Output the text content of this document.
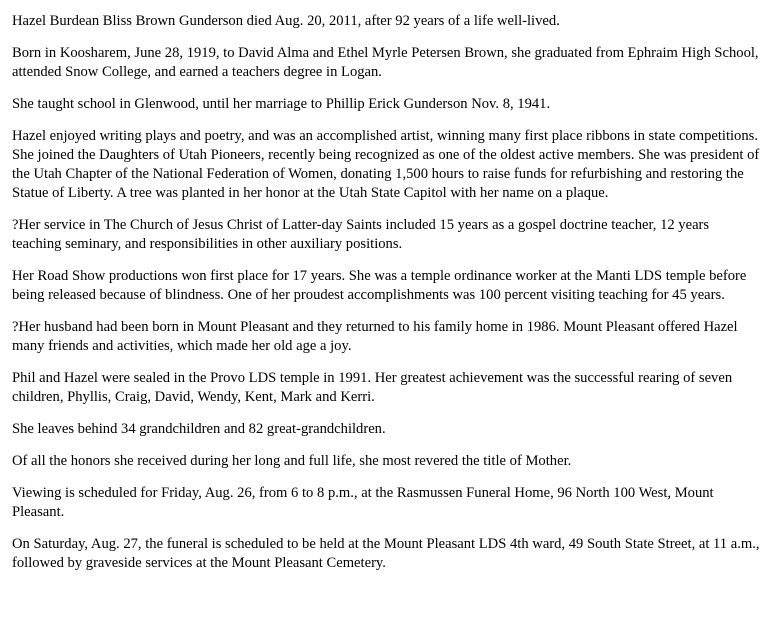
Hazel Burdean Bliss Brown Gunderson died Aug. 20, 2011, after 92 years of a life well-lived.

Born in Koosharem, June 28, 1919, to David Alma and Ethel Myrle Petersen Brown, she graduated from Ephraim High School, attended Snow College, and earned a teachers degree in Logan.

She taught school in Glenwood, until her marriage to Phillip Erick Gunderson Nov. 8, 1941.

Hazel enjoyed writing plays and poetry, and was an accomplished artist, winning many first place ribbons in state competitions. She joined the Daughters of Utah Pioneers, recently being recognized as one of the oldest active members. She was president of the Utah Chapter of the National Federation of Women, donating 1,500 hours to raise funds for refurbishing and restoring the Statue of Liberty. A tree was planted in her honor at the Utah State Capitol with her name on a plaque.

?Her service in The Church of Jesus Christ of Latter-day Saints included 15 years as a gospel doctrine teacher, 12 years teaching seminary, and responsibilities in other auxiliary positions.

Her Road Show productions won first place for 17 years. She was a temple ordinance worker at the Manti LDS temple before being released because of blindness. One of her proudest accomplishments was 100 percent visiting teaching for 45 years.

?Her husband had been born in Mount Pleasant and they returned to his family home in 1986. Mount Pleasant offered Hazel many friends and activities, which made her old age a joy.

Phil and Hazel were sealed in the Provo LDS temple in 1991. Her greatest achievement was the successful rearing of seven children, Phyllis, Craig, David, Wendy, Kent, Mark and Kerri.

She leaves behind 34 grandchildren and 82 great-grandchildren.

Of all the honors she received during her long and full life, she most revered the title of Mother.

Viewing is scheduled for Friday, Aug. 26, from 6 to 8 p.m., at the Rasmussen Funeral Home, 96 North 100 West, Mount Pleasant.

On Saturday, Aug. 27, the funeral is scheduled to be held at the Mount Pleasant LDS 4th ward, 49 South State Street, at 11 a.m., followed by graveside services at the Mount Pleasant Cemetery.
